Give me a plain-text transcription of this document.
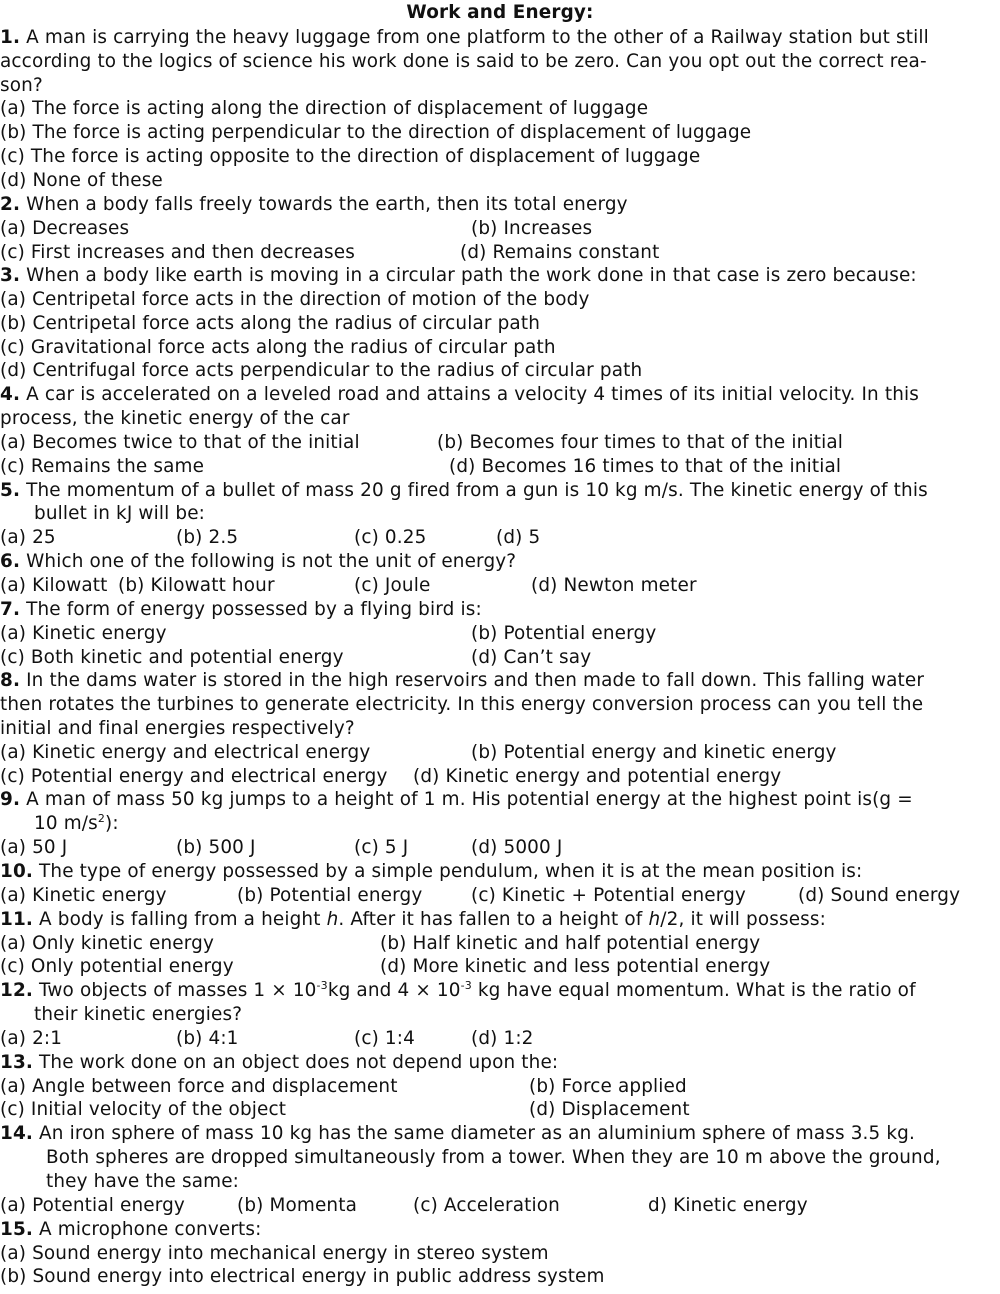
Work and Energy:
1. A man is carrying the heavy luggage from one platform to the other of a Railway station but still
according to the logics of science his work done is said to be zero. Can you opt out the correct rea-
son?
(a) The force is acting along the direction of displacement of luggage
(b) The force is acting perpendicular to the direction of displacement of luggage
(c) The force is acting opposite to the direction of displacement of luggage
(d) None of these
2. When a body falls freely towards the earth, then its total energy
(a) Decreases	(b) Increases
(c) First increases and then decreases	(d) Remains constant
3. When a body like earth is moving in a circular path the work done in that case is zero because:
(a) Centripetal force acts in the direction of motion of the body
(b) Centripetal force acts along the radius of circular path
(c) Gravitational force acts along the radius of circular path
(d) Centrifugal force acts perpendicular to the radius of circular path
4. A car is accelerated on a leveled road and attains a velocity 4 times of its initial velocity. In this
process, the kinetic energy of the car
(a) Becomes twice to that of the initial	(b) Becomes four times to that of the initial
(c) Remains the same	(d) Becomes 16 times to that of the initial
5. The momentum of a bullet of mass 20 g fired from a gun is 10 kg m/s. The kinetic energy of this
bullet in kJ will be:
(a) 25	(b) 2.5	(c) 0.25	(d) 5
6. Which one of the following is not the unit of energy?
(a) Kilowatt (b) Kilowatt hour	(c) Joule	(d) Newton meter
7. The form of energy possessed by a flying bird is:
(a) Kinetic energy	(b) Potential energy
(c) Both kinetic and potential energy	(d) Can’t say
8. In the dams water is stored in the high reservoirs and then made to fall down. This falling water
then rotates the turbines to generate electricity. In this energy conversion process can you tell the
initial and final energies respectively?
(a) Kinetic energy and electrical energy	(b) Potential energy and kinetic energy
(c) Potential energy and electrical energy (d) Kinetic energy and potential energy
9. A man of mass 50 kg jumps to a height of 1 m. His potential energy at the highest point is(g =
10 $m/s^2$):
(a) 50 J	(b) 500 J	(c) 5 J	(d) 5000 J
10. The type of energy possessed by a simple pendulum, when it is at the mean position is:
(a) Kinetic energy	(b) Potential energy	(c) Kinetic + Potential energy	(d) Sound energy
11. A body is falling from a height h. After it has fallen to a height of h/2, it will possess:
(a) Only kinetic energy	(b) Half kinetic and half potential energy
(c) Only potential energy	(d) More kinetic and less potential energy
12. Two objects of masses $1 \times 10^{-3}kg$ and $4 \times 10^{-3}$ kg have equal momentum. What is the ratio of
their kinetic energies?
(a) 2:1	(b) 4:1	(c) 1:4	(d) 1:2
13. The work done on an object does not depend upon the:
(a) Angle between force and displacement	(b) Force applied
(c) Initial velocity of the object	(d) Displacement
14. An iron sphere of mass 10 kg has the same diameter as an aluminium sphere of mass 3.5 kg.
Both spheres are dropped simultaneously from a tower. When they are 10 m above the ground,
they have the same:
(a) Potential energy	(b) Momenta	(c) Acceleration	d) Kinetic energy
15. A microphone converts:
(a) Sound energy into mechanical energy in stereo system
(b) Sound energy into electrical energy in public address system
